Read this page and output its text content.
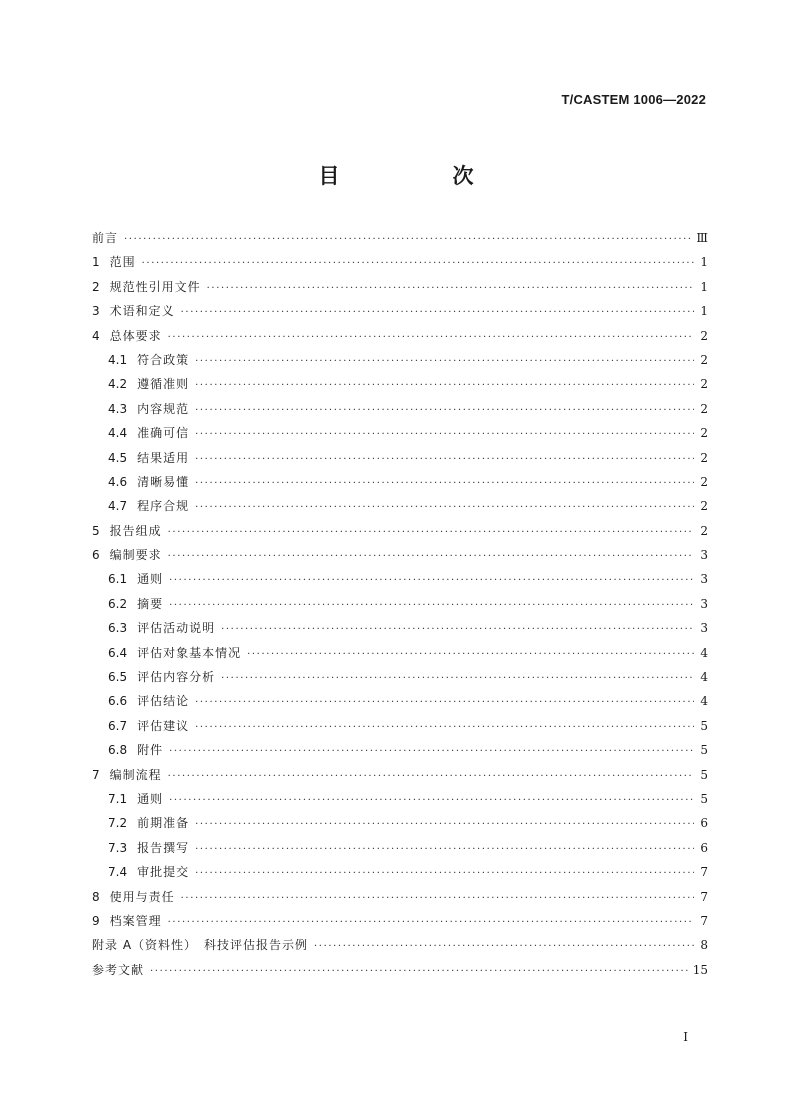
T/CASTEM 1006—2022
目　次
前言 ·····	Ⅲ
1 范围 ·····	1
2 规范性引用文件 ·····	1
3 术语和定义 ·····	1
4 总体要求 ·····	2
4.1 符合政策 ·····	2
4.2 遵循准则 ·····	2
4.3 内容规范 ·····	2
4.4 准确可信 ·····	2
4.5 结果适用 ·····	2
4.6 清晰易懂 ·····	2
4.7 程序合规 ·····	2
5 报告组成 ·····	2
6 编制要求 ·····	3
6.1 通则 ·····	3
6.2 摘要 ·····	3
6.3 评估活动说明 ·····	3
6.4 评估对象基本情况 ·····	4
6.5 评估内容分析 ·····	4
6.6 评估结论 ·····	4
6.7 评估建议 ·····	5
6.8 附件 ·····	5
7 编制流程 ·····	5
7.1 通则 ·····	5
7.2 前期准备 ·····	6
7.3 报告撰写 ·····	6
7.4 审批提交 ·····	7
8 使用与责任 ·····	7
9 档案管理 ·····	7
附录 A（资料性）　科技评估报告示例 ·····	8
参考文献 ·····	15
I
